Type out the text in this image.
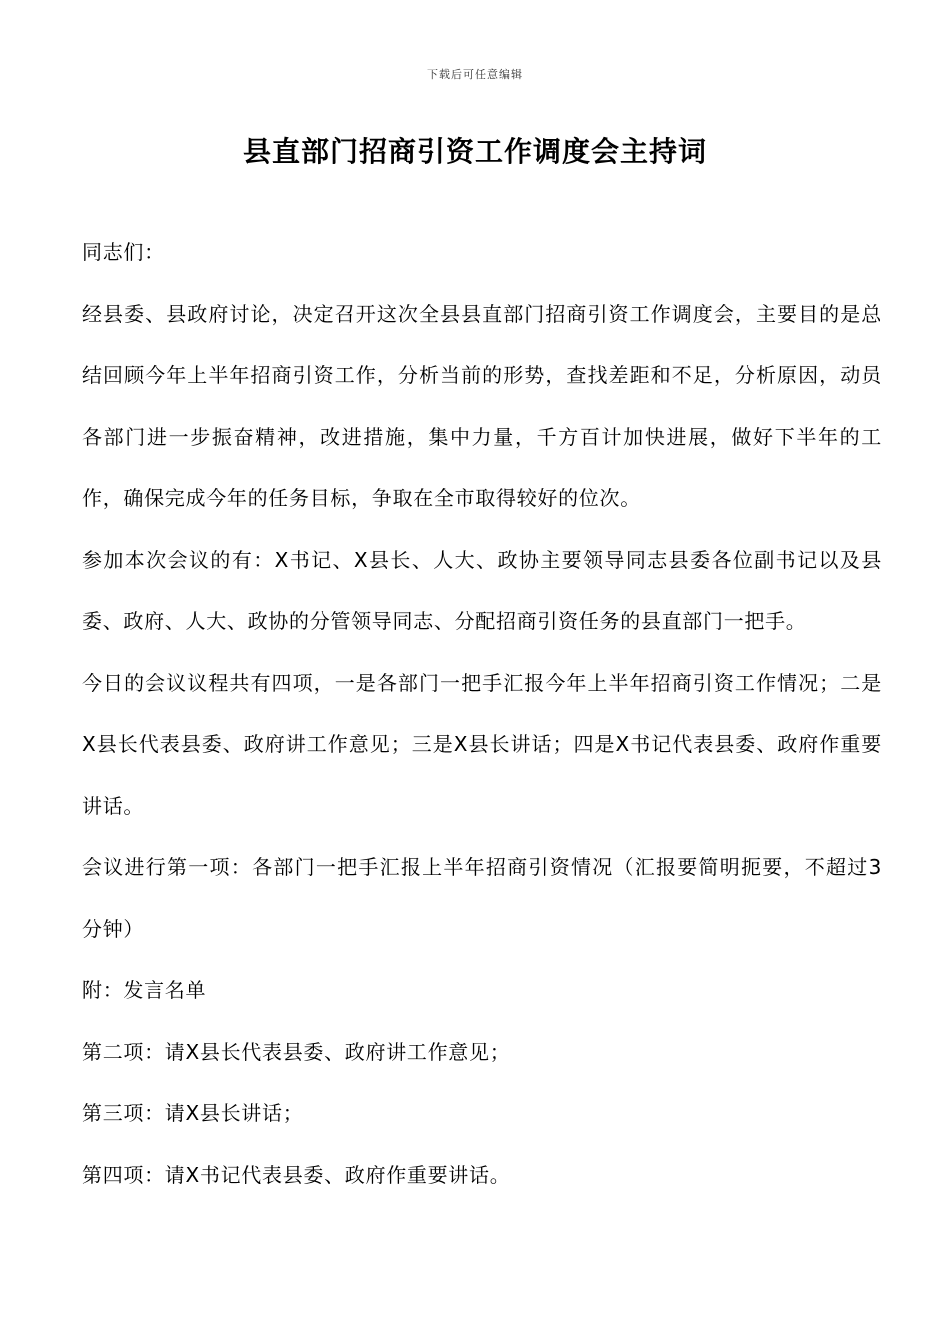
下载后可任意编辑
县直部门招商引资工作调度会主持词

同志们：

经县委、县政府讨论，决定召开这次全县县直部门招商引资工作调度会，主要目的是总结回顾今年上半年招商引资工作，分析当前的形势，查找差距和不足，分析原因，动员各部门进一步振奋精神，改进措施，集中力量，千方百计加快进展，做好下半年的工作，确保完成今年的任务目标，争取在全市取得较好的位次。

参加本次会议的有：X书记、X县长、人大、政协主要领导同志县委各位副书记以及县委、政府、人大、政协的分管领导同志、分配招商引资任务的县直部门一把手。

今日的会议议程共有四项，一是各部门一把手汇报今年上半年招商引资工作情况；二是X县长代表县委、政府讲工作意见；三是X县长讲话；四是X书记代表县委、政府作重要讲话。

会议进行第一项：各部门一把手汇报上半年招商引资情况（汇报要简明扼要，不超过3分钟）

附：发言名单

第二项：请X县长代表县委、政府讲工作意见；

第三项：请X县长讲话；

第四项：请X书记代表县委、政府作重要讲话。
